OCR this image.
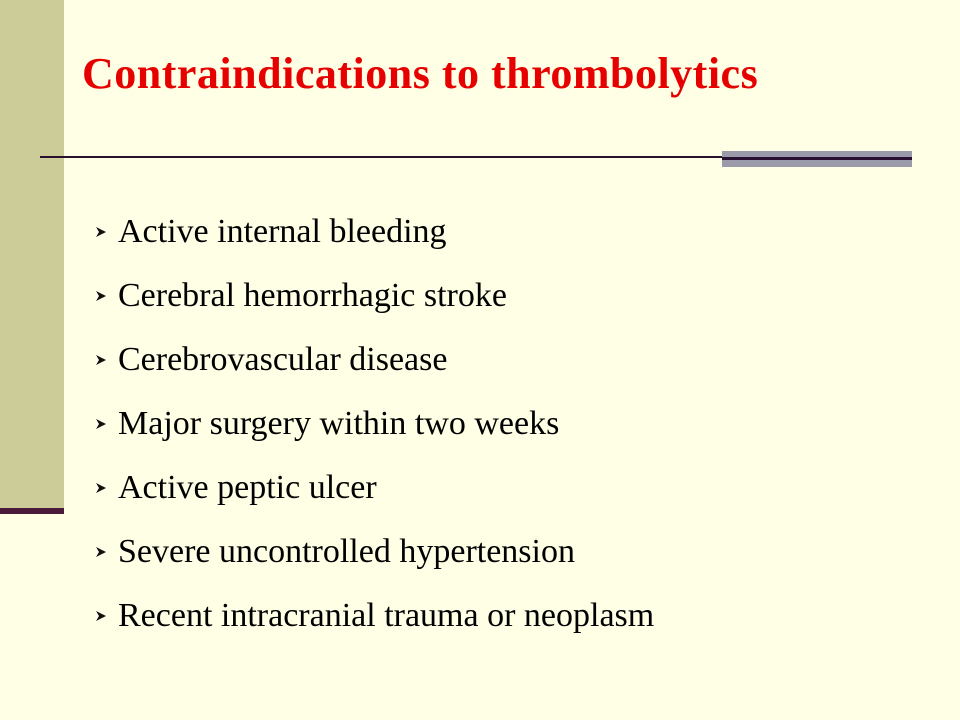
Contraindications to thrombolytics
Active internal bleeding
Cerebral hemorrhagic stroke
Cerebrovascular disease
Major surgery within two weeks
Active peptic ulcer
Severe uncontrolled hypertension
Recent intracranial trauma or neoplasm
